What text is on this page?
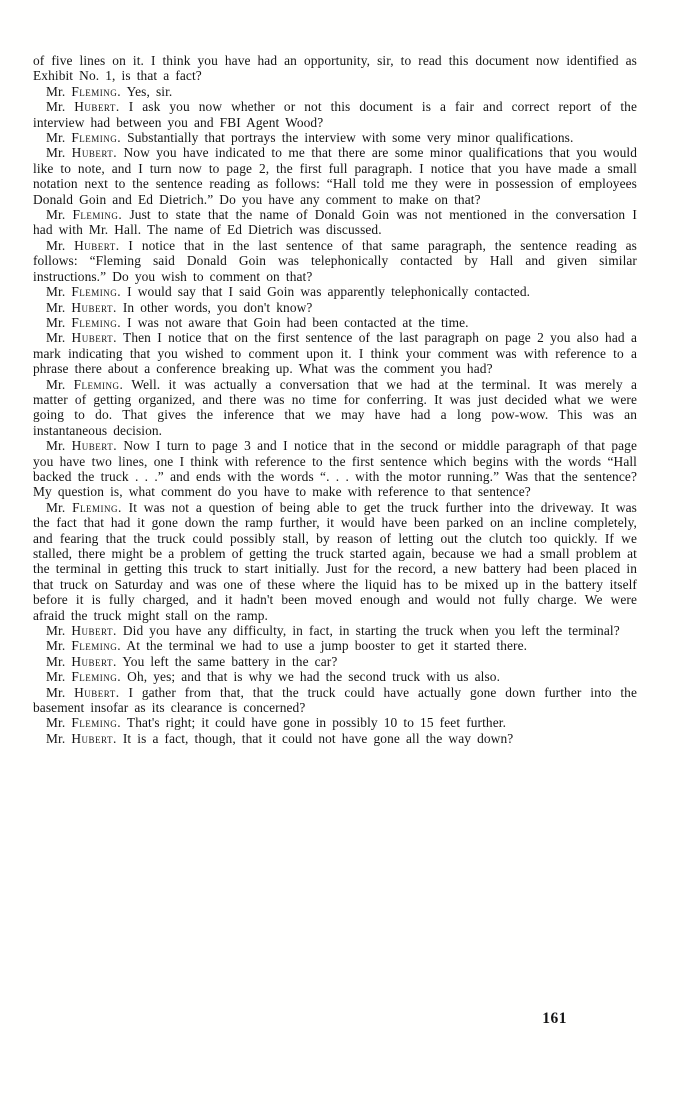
of five lines on it. I think you have had an opportunity, sir, to read this document now identified as Exhibit No. 1, is that a fact?

Mr. Fleming. Yes, sir.

Mr. Hubert. I ask you now whether or not this document is a fair and correct report of the interview had between you and FBI Agent Wood?

Mr. Fleming. Substantially that portrays the interview with some very minor qualifications.

Mr. Hubert. Now you have indicated to me that there are some minor qualifications that you would like to note, and I turn now to page 2, the first full paragraph. I notice that you have made a small notation next to the sentence reading as follows: “Hall told me they were in possession of employees Donald Goin and Ed Dietrich.” Do you have any comment to make on that?

Mr. Fleming. Just to state that the name of Donald Goin was not mentioned in the conversation I had with Mr. Hall. The name of Ed Dietrich was discussed.

Mr. Hubert. I notice that in the last sentence of that same paragraph, the sentence reading as follows: “Fleming said Donald Goin was telephonically contacted by Hall and given similar instructions.” Do you wish to comment on that?

Mr. Fleming. I would say that I said Goin was apparently telephonically contacted.

Mr. Hubert. In other words, you don't know?

Mr. Fleming. I was not aware that Goin had been contacted at the time.

Mr. Hubert. Then I notice that on the first sentence of the last paragraph on page 2 you also had a mark indicating that you wished to comment upon it. I think your comment was with reference to a phrase there about a conference breaking up. What was the comment you had?

Mr. Fleming. Well. it was actually a conversation that we had at the terminal. It was merely a matter of getting organized, and there was no time for conferring. It was just decided what we were going to do. That gives the inference that we may have had a long pow-wow. This was an instantaneous decision.

Mr. Hubert. Now I turn to page 3 and I notice that in the second or middle paragraph of that page you have two lines, one I think with reference to the first sentence which begins with the words “Hall backed the truck . . .” and ends with the words “. . . with the motor running.” Was that the sentence? My question is, what comment do you have to make with reference to that sentence?

Mr. Fleming. It was not a question of being able to get the truck further into the driveway. It was the fact that had it gone down the ramp further, it would have been parked on an incline completely, and fearing that the truck could possibly stall, by reason of letting out the clutch too quickly. If we stalled, there might be a problem of getting the truck started again, because we had a small problem at the terminal in getting this truck to start initially. Just for the record, a new battery had been placed in that truck on Saturday and was one of these where the liquid has to be mixed up in the battery itself before it is fully charged, and it hadn't been moved enough and would not fully charge. We were afraid the truck might stall on the ramp.

Mr. Hubert. Did you have any difficulty, in fact, in starting the truck when you left the terminal?

Mr. Fleming. At the terminal we had to use a jump booster to get it started there.

Mr. Hubert. You left the same battery in the car?

Mr. Fleming. Oh, yes; and that is why we had the second truck with us also.

Mr. Hubert. I gather from that, that the truck could have actually gone down further into the basement insofar as its clearance is concerned?

Mr. Fleming. That's right; it could have gone in possibly 10 to 15 feet further.

Mr. Hubert. It is a fact, though, that it could not have gone all the way down?

161
